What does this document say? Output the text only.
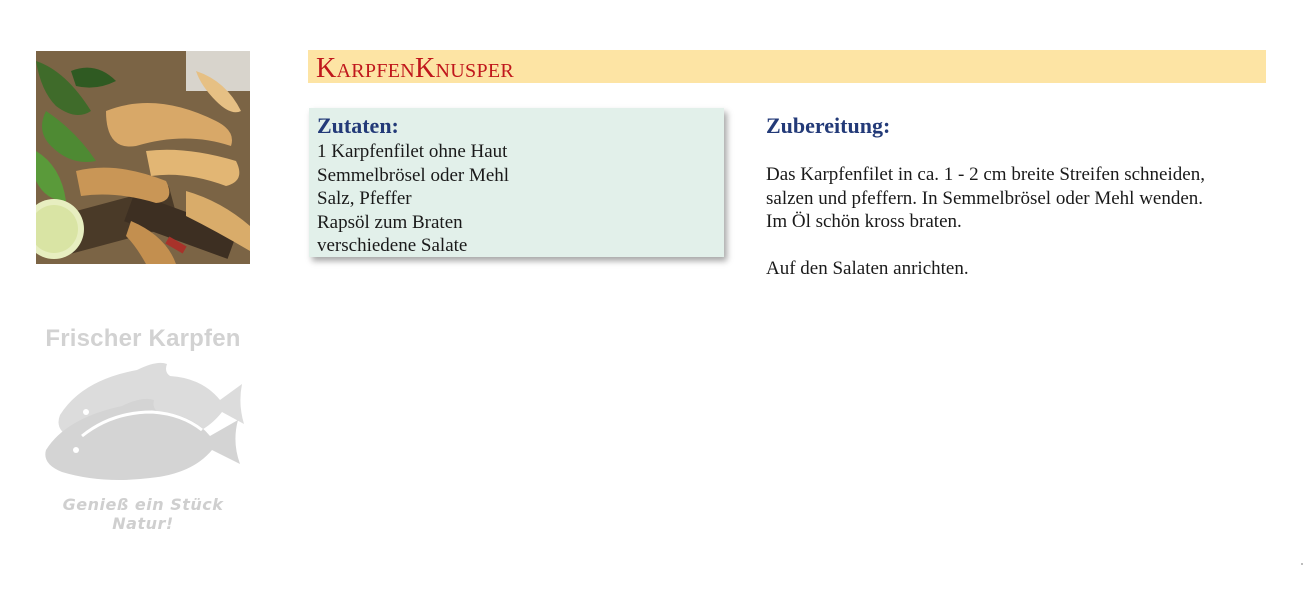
KarpfenKnusper
Zutaten:
1 Karpfenfilet ohne Haut
Semmelbrösel oder Mehl
Salz, Pfeffer
Rapsöl zum Braten
verschiedene Salate
Zubereitung:

Das Karpfenfilet in ca. 1 - 2 cm breite Streifen schneiden,
salzen und pfeffern. In Semmelbrösel oder Mehl wenden.
Im Öl schön kross braten.

Auf den Salaten anrichten.

Frischer Karpfen
Genieß ein Stück Natur!
